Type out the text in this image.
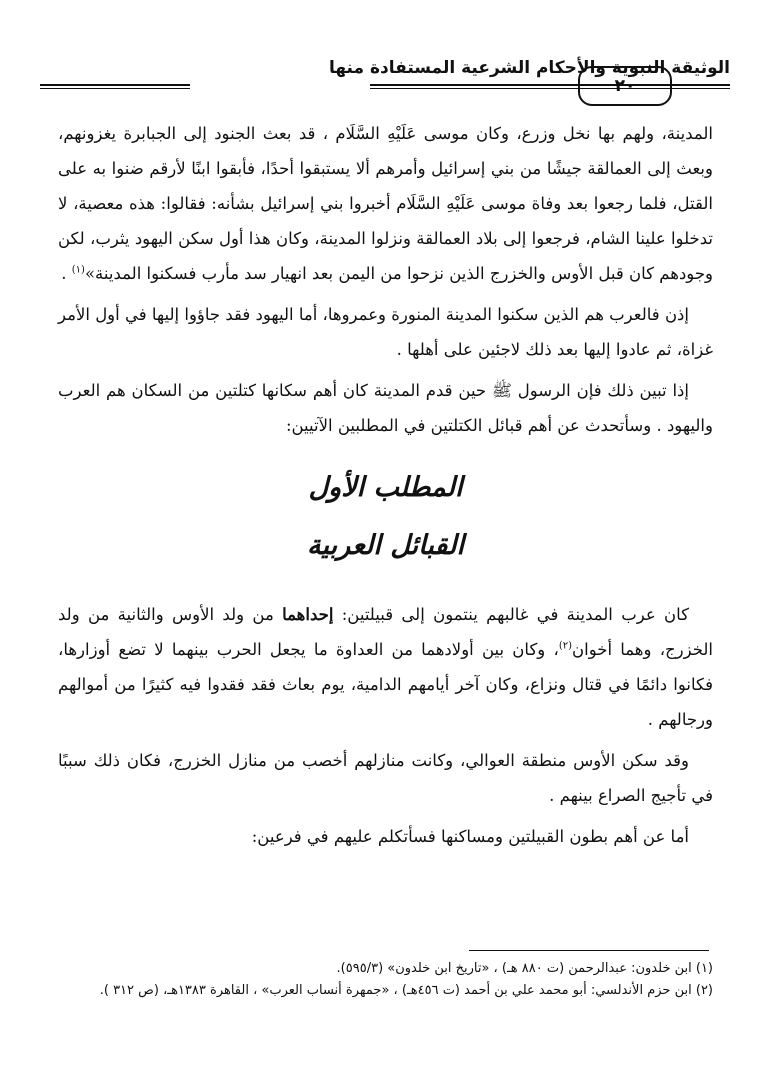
٢٠
الوثيقة النبوية والأحكام الشرعية المستفادة منها

المدينة، ولهم بها نخل وزرع، وكان موسى عَلَيْهِ السَّلَام ، قد بعث الجنود إلى الجبابرة يغزونهم، وبعث إلى العمالقة جيشًا من بني إسرائيل وأمرهم ألا يستبقوا أحدًا، فأبقوا ابنًا لأرقم ضنوا به على القتل، فلما رجعوا بعد وفاة موسى عَلَيْهِ السَّلَام أخبروا بني إسرائيل بشأنه: فقالوا: هذه معصية، لا تدخلوا علينا الشام، فرجعوا إلى بلاد العمالقة ونزلوا المدينة، وكان هذا أول سكن اليهود يثرب، لكن وجودهم كان قبل الأوس والخزرج الذين نزحوا من اليمن بعد انهيار سد مأرب فسكنوا المدينة»$^{(١)}$ .

إذن فالعرب هم الذين سكنوا المدينة المنورة وعمروها، أما اليهود فقد جاؤوا إليها في أول الأمر غزاة، ثم عادوا إليها بعد ذلك لاجئين على أهلها .

إذا تبين ذلك فإن الرسول ﷺ حين قدم المدينة كان أهم سكانها كتلتين من السكان هم العرب واليهود . وسأتحدث عن أهم قبائل الكتلتين في المطلبين الآتيين:

المطلب الأول
القبائل العربية

كان عرب المدينة في غالبهم ينتمون إلى قبيلتين: إحداهما من ولد الأوس والثانية من ولد الخزرج، وهما أخوان$^{(٢)}$، وكان بين أولادهما من العداوة ما يجعل الحرب بينهما لا تضع أوزارها، فكانوا دائمًا في قتال ونزاع، وكان آخر أيامهم الدامية، يوم بعاث فقد فقدوا فيه كثيرًا من أموالهم ورجالهم .

وقد سكن الأوس منطقة العوالي، وكانت منازلهم أخصب من منازل الخزرج، فكان ذلك سببًا في تأجيج الصراع بينهم .

أما عن أهم بطون القبيلتين ومساكنها فسأتكلم عليهم في فرعين:

(١) ابن خلدون: عبدالرحمن (ت ٨٨٠ هـ) ، «تاريخ ابن خلدون» (٥٩٥/٣).

(٢) ابن حزم الأندلسي: أبو محمد علي بن أحمد (ت ٤٥٦هـ) ، «جمهرة أنساب العرب» ، القاهرة ١٣٨٣هـ، (ص ٣١٢ ).
